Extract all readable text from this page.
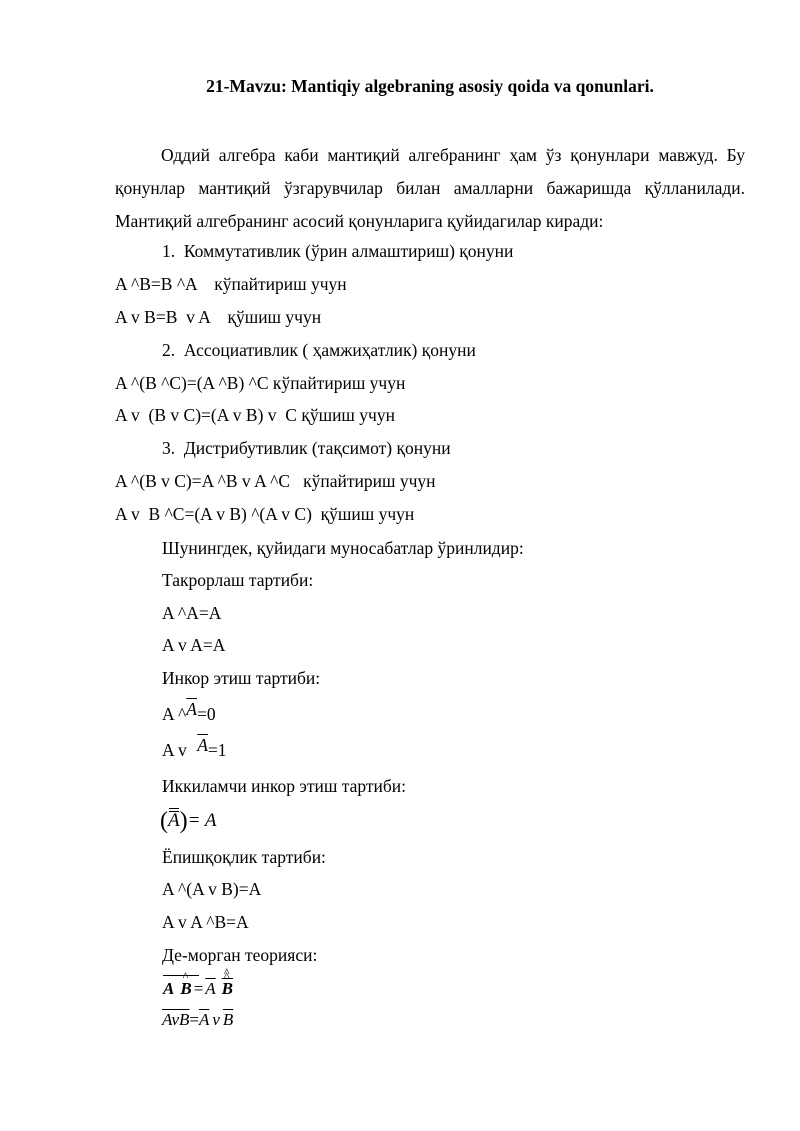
21-Mavzu: Mantiqiy algebraning asosiy qoida va qonunlari.

Оддий алгебра каби мантиқий алгебранинг ҳам ўз қонунлари мавжуд. Бу қонунлар мантиқий ўзгарувчилар билан амалларни бажаришда қўлланилади. Мантиқий алгебранинг асосий қонунларига қуйидагилар киради:

1.  Коммутативлик (ўрин алмаштириш) қонуни
A ^B=B ^A    кўпайтириш учун
A v B=B  v A    қўшиш учун
2.  Ассоциативлик ( ҳамжиҳатлик) қонуни
A ^(B ^C)=(A ^B) ^C кўпайтириш учун
A v  (B v C)=(A v B) v  C қўшиш учун
3.  Дистрибутивлик (тақсимот) қонуни
A ^(B v C)=A ^B v A ^C   кўпайтириш учун
A v  B ^C=(A v B) ^(A v C)  қўшиш учун
Шунингдек, қуйидаги муносабатлар ўринлидир:
Такрорлаш тартиби:
A ^A=A
A v A=A
Инкор этиш тартиби:
A $\^{}\overline{A}=0$
A v $\overline{A}=1$
Иккиламчи инкор этиш тартиби:
(A)= A
Ёпишқоқлик тартиби:
A ^(A v B)=A
A v A ^B=A
Де-морган теорияси:
A ^ $B = \overline{A}$ ^ $\overline{B}$ ^
$\overline{AvB}=\overline{A}$ v $\overline{B}$
